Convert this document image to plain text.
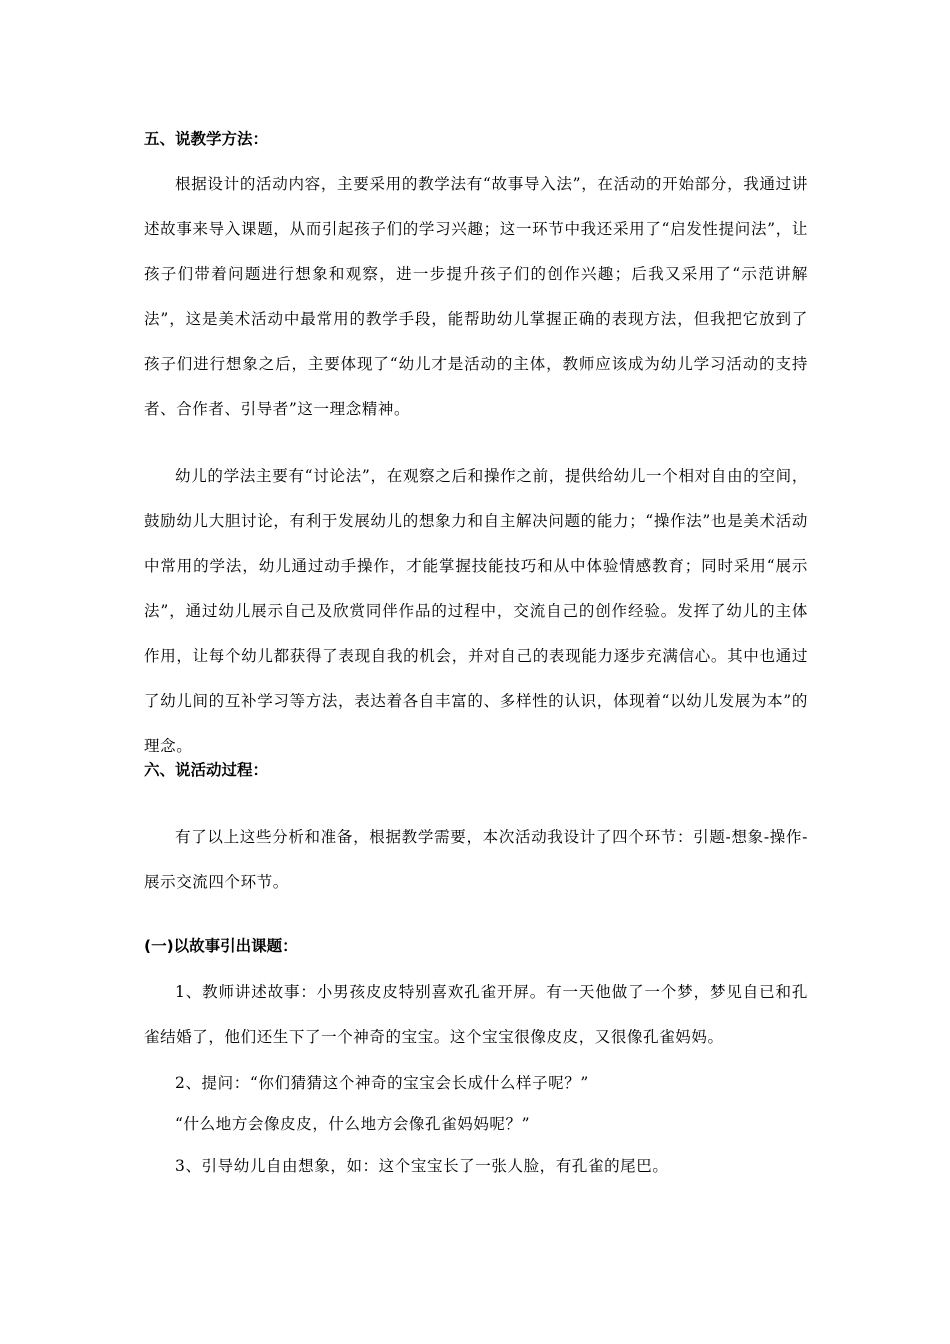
五、说教学方法：

根据设计的活动内容，主要采用的教学法有“故事导入法”，在活动的开始部分，我通过讲述故事来导入课题，从而引起孩子们的学习兴趣；这一环节中我还采用了“启发性提问法”，让孩子们带着问题进行想象和观察，进一步提升孩子们的创作兴趣；后我又采用了“示范讲解法”，这是美术活动中最常用的教学手段，能帮助幼儿掌握正确的表现方法，但我把它放到了孩子们进行想象之后，主要体现了“幼儿才是活动的主体，教师应该成为幼儿学习活动的支持者、合作者、引导者”这一理念精神。

幼儿的学法主要有“讨论法”，在观察之后和操作之前，提供给幼儿一个相对自由的空间，鼓励幼儿大胆讨论，有利于发展幼儿的想象力和自主解决问题的能力；“操作法”也是美术活动中常用的学法，幼儿通过动手操作，才能掌握技能技巧和从中体验情感教育；同时采用“展示法”，通过幼儿展示自己及欣赏同伴作品的过程中，交流自己的创作经验。发挥了幼儿的主体作用，让每个幼儿都获得了表现自我的机会，并对自己的表现能力逐步充满信心。其中也通过了幼儿间的互补学习等方法，表达着各自丰富的、多样性的认识，体现着“以幼儿发展为本”的理念。

六、说活动过程：

有了以上这些分析和准备，根据教学需要，本次活动我设计了四个环节：引题-想象-操作-展示交流四个环节。

(一)以故事引出课题：

1、教师讲述故事：小男孩皮皮特别喜欢孔雀开屏。有一天他做了一个梦，梦见自已和孔雀结婚了，他们还生下了一个神奇的宝宝。这个宝宝很像皮皮，又很像孔雀妈妈。

2、提问：“你们猜猜这个神奇的宝宝会长成什么样子呢？”
“什么地方会像皮皮，什么地方会像孔雀妈妈呢？”
3、引导幼儿自由想象，如：这个宝宝长了一张人脸，有孔雀的尾巴。
